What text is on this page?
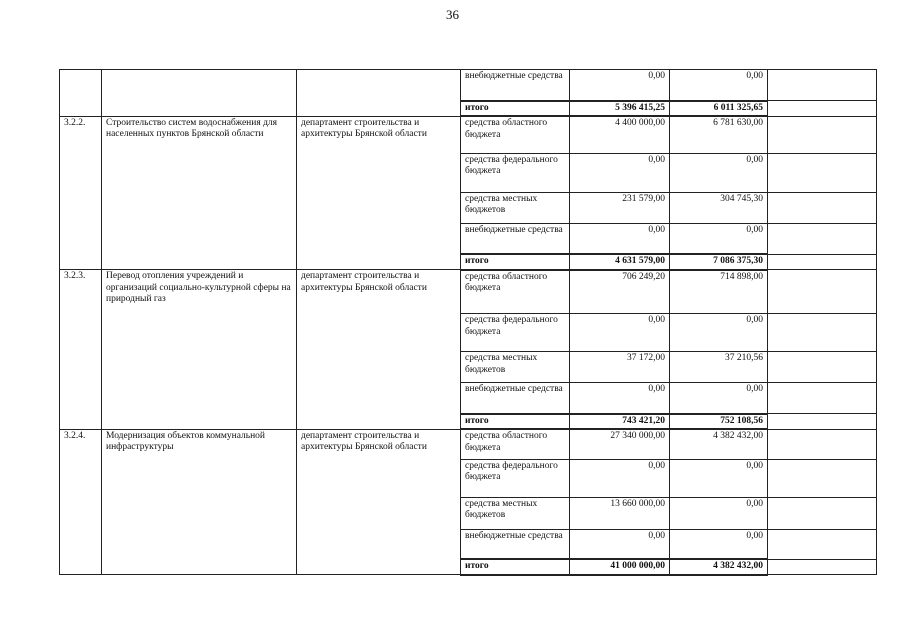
36
			внебюджетные средства	0,00	0,00	
			итого	5 396 415,25	6 011 325,65	
3.2.2.	Строительство систем водоснабжения для населенных пунктов Брянской области	департамент строительства и архитектуры Брянской области	средства областного бюджета	4 400 000,00	6 781 630,00	
			средства федерального бюджета	0,00	0,00	
			средства местных бюджетов	231 579,00	304 745,30	
			внебюджетные средства	0,00	0,00	
			итого	4 631 579,00	7 086 375,30	
3.2.3.	Перевод отопления учреждений и организаций социально-культурной сферы на природный газ	департамент строительства и архитектуры Брянской области	средства областного бюджета	706 249,20	714 898,00	
			средства федерального бюджета	0,00	0,00	
			средства местных бюджетов	37 172,00	37 210,56	
			внебюджетные средства	0,00	0,00	
			итого	743 421,20	752 108,56	
3.2.4.	Модернизация объектов коммунальной инфраструктуры	департамент строительства и архитектуры Брянской области	средства областного бюджета	27 340 000,00	4 382 432,00	
			средства федерального бюджета	0,00	0,00	
			средства местных бюджетов	13 660 000,00	0,00	
			внебюджетные средства	0,00	0,00	
			итого	41 000 000,00	4 382 432,00	
